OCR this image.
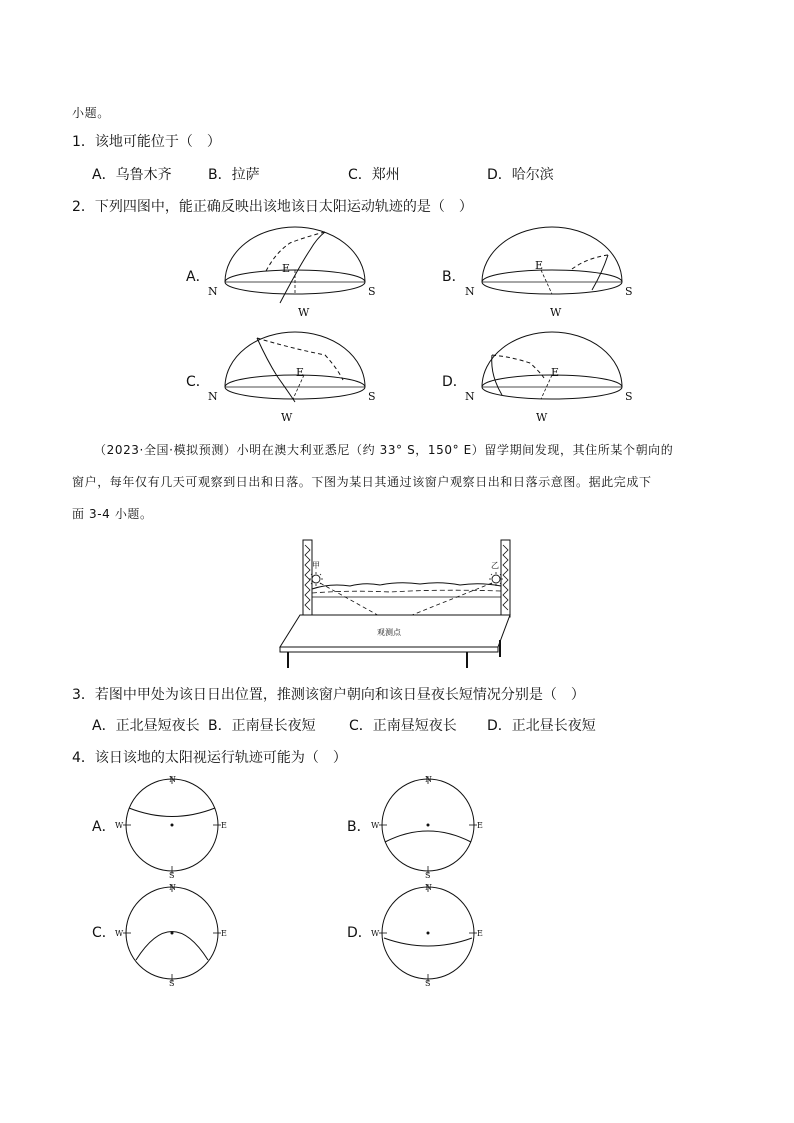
小题。
1．该地可能位于（　）
A．乌鲁木齐	B．拉萨	C．郑州	D．哈尔滨
2．下列四图中，能正确反映出该地该日太阳运动轨迹的是（　）
A．
N	S
E
W
B．
N	S
E
W
C．
N	S
E
W
D．
N	S
E
W
（2023·全国·模拟预测）小明在澳大利亚悉尼（约 33° S，150° E）留学期间发现，其住所某个朝向的
窗户，每年仅有几天可观察到日出和日落。下图为某日其通过该窗户观察日出和日落示意图。据此完成下
面 3-4 小题。
甲	乙
观测点
3．若图中甲处为该日日出位置，推测该窗户朝向和该日昼夜长短情况分别是（　）
A．正北昼短夜长 B．正南昼长夜短 C．正南昼短夜长 D．正北昼长夜短
4．该日该地的太阳视运行轨迹可能为（　）
A．
N
S
W	E	B．
N
S
W	E
C．
N
S
W	E	D．
N
S
W	E
